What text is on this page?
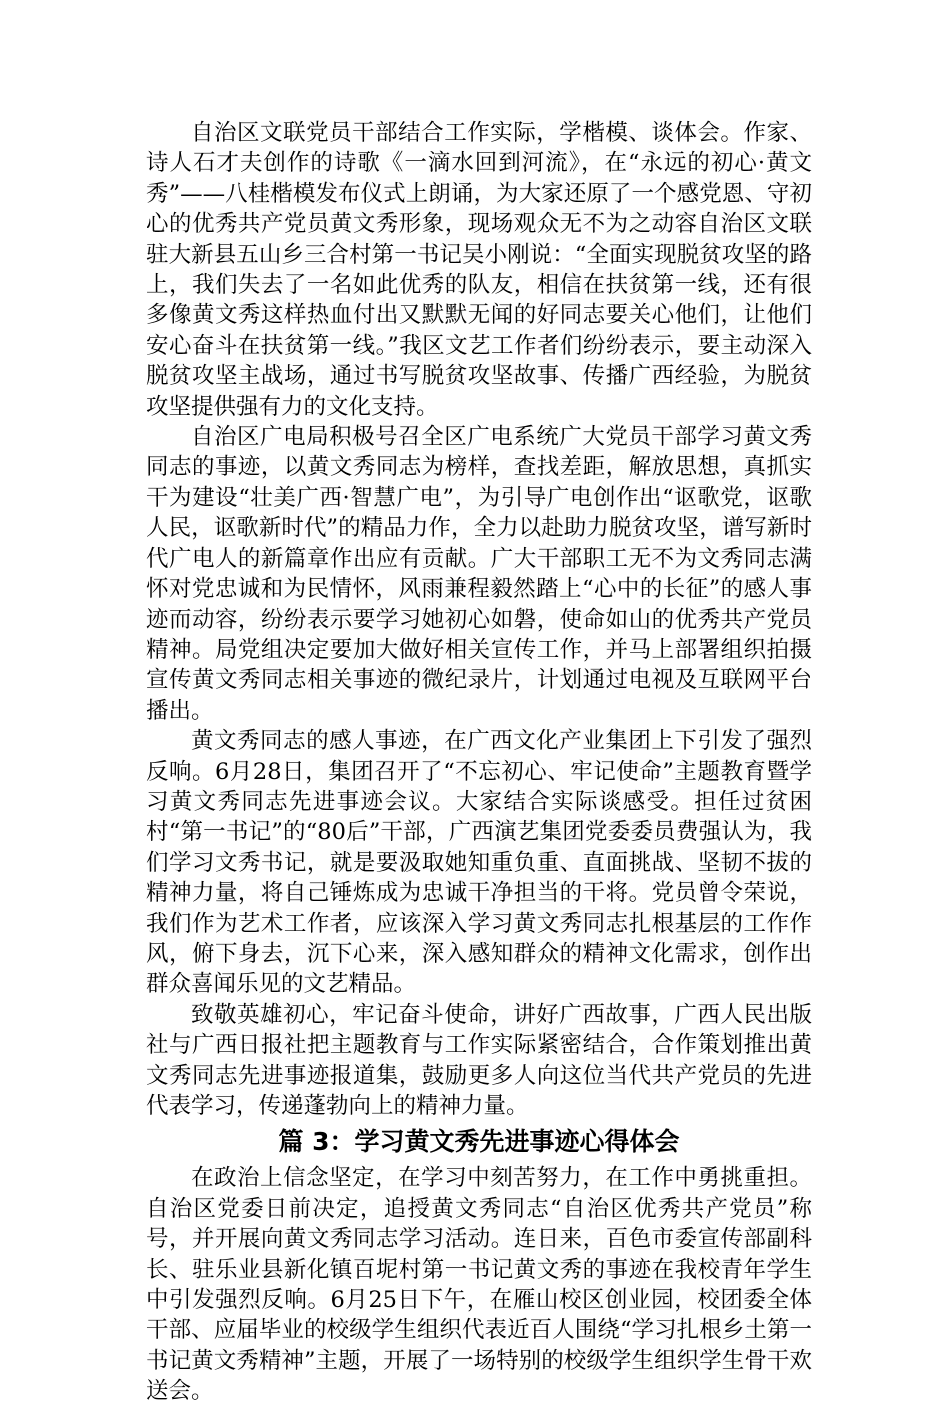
自治区文联党员干部结合工作实际，学楷模、谈体会。作家、诗人石才夫创作的诗歌《一滴水回到河流》，在“永远的初心·黄文秀”——八桂楷模发布仪式上朗诵，为大家还原了一个感党恩、守初心的优秀共产党员黄文秀形象，现场观众无不为之动容自治区文联驻大新县五山乡三合村第一书记吴小刚说：“全面实现脱贫攻坚的路上，我们失去了一名如此优秀的队友，相信在扶贫第一线，还有很多像黄文秀这样热血付出又默默无闻的好同志要关心他们，让他们安心奋斗在扶贫第一线。”我区文艺工作者们纷纷表示，要主动深入脱贫攻坚主战场，通过书写脱贫攻坚故事、传播广西经验，为脱贫攻坚提供强有力的文化支持。

自治区广电局积极号召全区广电系统广大党员干部学习黄文秀同志的事迹，以黄文秀同志为榜样，查找差距，解放思想，真抓实干为建设“壮美广西·智慧广电”，为引导广电创作出“讴歌党，讴歌人民，讴歌新时代”的精品力作，全力以赴助力脱贫攻坚，谱写新时代广电人的新篇章作出应有贡献。广大干部职工无不为文秀同志满怀对党忠诚和为民情怀，风雨兼程毅然踏上“心中的长征”的感人事迹而动容，纷纷表示要学习她初心如磐，使命如山的优秀共产党员精神。局党组决定要加大做好相关宣传工作，并马上部署组织拍摄宣传黄文秀同志相关事迹的微纪录片，计划通过电视及互联网平台播出。

黄文秀同志的感人事迹，在广西文化产业集团上下引发了强烈反响。6月28日，集团召开了“不忘初心、牢记使命”主题教育暨学习黄文秀同志先进事迹会议。大家结合实际谈感受。担任过贫困村“第一书记”的“80后”干部，广西演艺集团党委委员费强认为，我们学习文秀书记，就是要汲取她知重负重、直面挑战、坚韧不拔的精神力量，将自己锤炼成为忠诚干净担当的干将。党员曾令荣说，我们作为艺术工作者，应该深入学习黄文秀同志扎根基层的工作作风，俯下身去，沉下心来，深入感知群众的精神文化需求，创作出群众喜闻乐见的文艺精品。

致敬英雄初心，牢记奋斗使命，讲好广西故事，广西人民出版社与广西日报社把主题教育与工作实际紧密结合，合作策划推出黄文秀同志先进事迹报道集，鼓励更多人向这位当代共产党员的先进代表学习，传递蓬勃向上的精神力量。

篇 3：学习黄文秀先进事迹心得体会

在政治上信念坚定，在学习中刻苦努力，在工作中勇挑重担。自治区党委日前决定，追授黄文秀同志“自治区优秀共产党员”称号，并开展向黄文秀同志学习活动。连日来，百色市委宣传部副科长、驻乐业县新化镇百坭村第一书记黄文秀的事迹在我校青年学生中引发强烈反响。6月25日下午，在雁山校区创业园，校团委全体干部、应届毕业的校级学生组织代表近百人围绕“学习扎根乡土第一书记黄文秀精神”主题，开展了一场特别的校级学生组织学生骨干欢送会。
